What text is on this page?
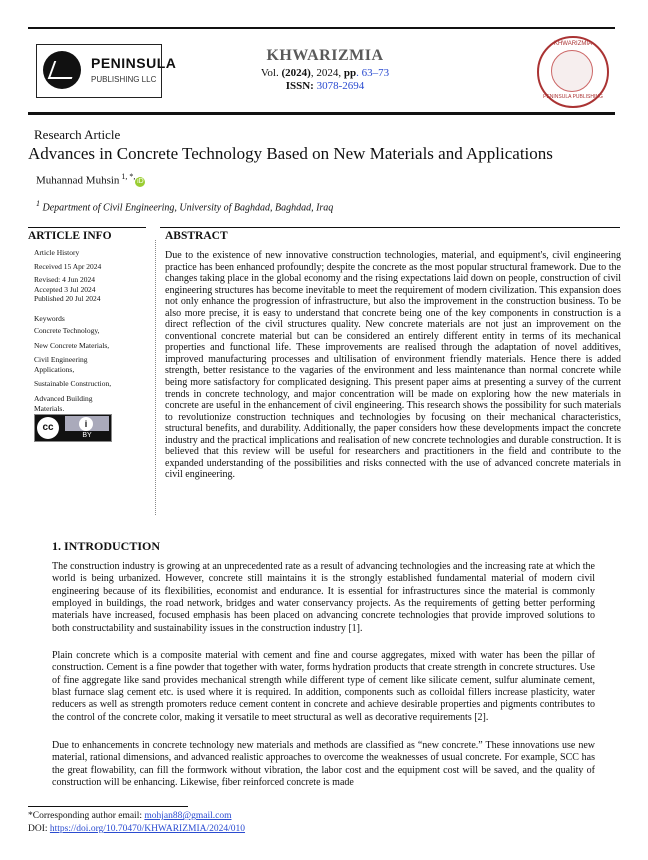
PENINSULA
PUBLISHING LLC
KHWARIZMIA
Vol. (2024), 2024, pp. 63–73
ISSN: 3078-2694
KHWARIZMIA
PENINSULA PUBLISHING
Research Article
Advances in Concrete Technology Based on New Materials and Applications
Muhannad Muhsin $^{1, *,}$iD
$^1$ Department of Civil Engineering, University of Baghdad, Baghdad, Iraq
ARTICLE INFO
Article History
Received 15 Apr 2024
Revised: 4 Jun 2024
Accepted 3 Jul 2024
Published 20 Jul 2024
Keywords
Concrete Technology,
New Concrete Materials,
Civil Engineering Applications,
Sustainable Construction,
Advanced Building Materials.
cc	i
BY
ABSTRACT

Due to the existence of new innovative construction technologies, material, and equipment's, civil engineering practice has been enhanced profoundly; despite the concrete as the most popular structural framework. Due to the changes taking place in the global economy and the rising expectations laid down on people, construction of civil engineering structures has become inevitable to meet the requirement of modern civilization. This expansion does not only enhance the progression of infrastructure, but also the improvement in the construction business. To be also more precise, it is easy to understand that concrete being one of the key components in construction is a direct reflection of the civil structures quality. New concrete materials are not just an improvement on the conventional concrete material but can be considered an entirely different entity in terms of its mechanical properties and functional life. These improvements are realised through the adaptation of novel additives, improved manufacturing processes and ultilisation of environment friendly materials. Hence there is added strength, better resistance to the vagaries of the environment and less maintenance than normal concrete while being more satisfactory for complicated designing. This present paper aims at presenting a survey of the current trends in concrete technology, and major concentration will be made on exploring how the new materials in concrete are useful in the enhancement of civil engineering. This research shows the possibility for such materials to revolutionize construction techniques and technologies by focusing on their mechanical characteristics, structural benefits, and durability. Additionally, the paper considers how these developments impact the concrete industry and the practical implications and realisation of new concrete technologies and durable construction. It is believed that this review will be useful for researchers and practitioners in the field and contribute to the expanded understanding of the possibilities and risks connected with the use of advanced concrete materials in civil engineering.

1. INTRODUCTION

The construction industry is growing at an unprecedented rate as a result of advancing technologies and the increasing rate at which the world is being urbanized. However, concrete still maintains it is the strongly established fundamental material of modern civil engineering because of its flexibilities, economist and endurance. It is essential for infrastructures since the material is commonly employed in buildings, the road network, bridges and water conservancy projects. As the requirements of getting better performing materials have increased, focused emphasis has been placed on advancing concrete technologies that provide improved solutions to both constructability and sustainability issues in the construction industry [1].

Plain concrete which is a composite material with cement and fine and course aggregates, mixed with water has been the pillar of construction. Cement is a fine powder that together with water, forms hydration products that create strength in concrete structures. Use of fine aggregate like sand provides mechanical strength while different type of cement like silicate cement, sulfur aluminate cement, blast furnace slag cement etc. is used where it is required. In addition, components such as colloidal fillers increase plasticity, water reducers as well as strength promoters reduce cement content in concrete and achieve desirable properties and pigments contributes to the control of the concrete color, making it versatile to meet structural as well as decorative requirements [2].

Due to enhancements in concrete technology new materials and methods are classified as “new concrete.” These innovations use new material, rational dimensions, and advanced realistic approaches to overcome the weaknesses of usual concrete. For example, SCC has the great flowability, can fill the formwork without vibration, the labor cost and the equipment cost will be saved, and the quality of construction will be enhancing. Likewise, fiber reinforced concrete is made

*Corresponding author email: mohjan88@gmail.com
DOI: https://doi.org/10.70470/KHWARIZMIA/2024/010
